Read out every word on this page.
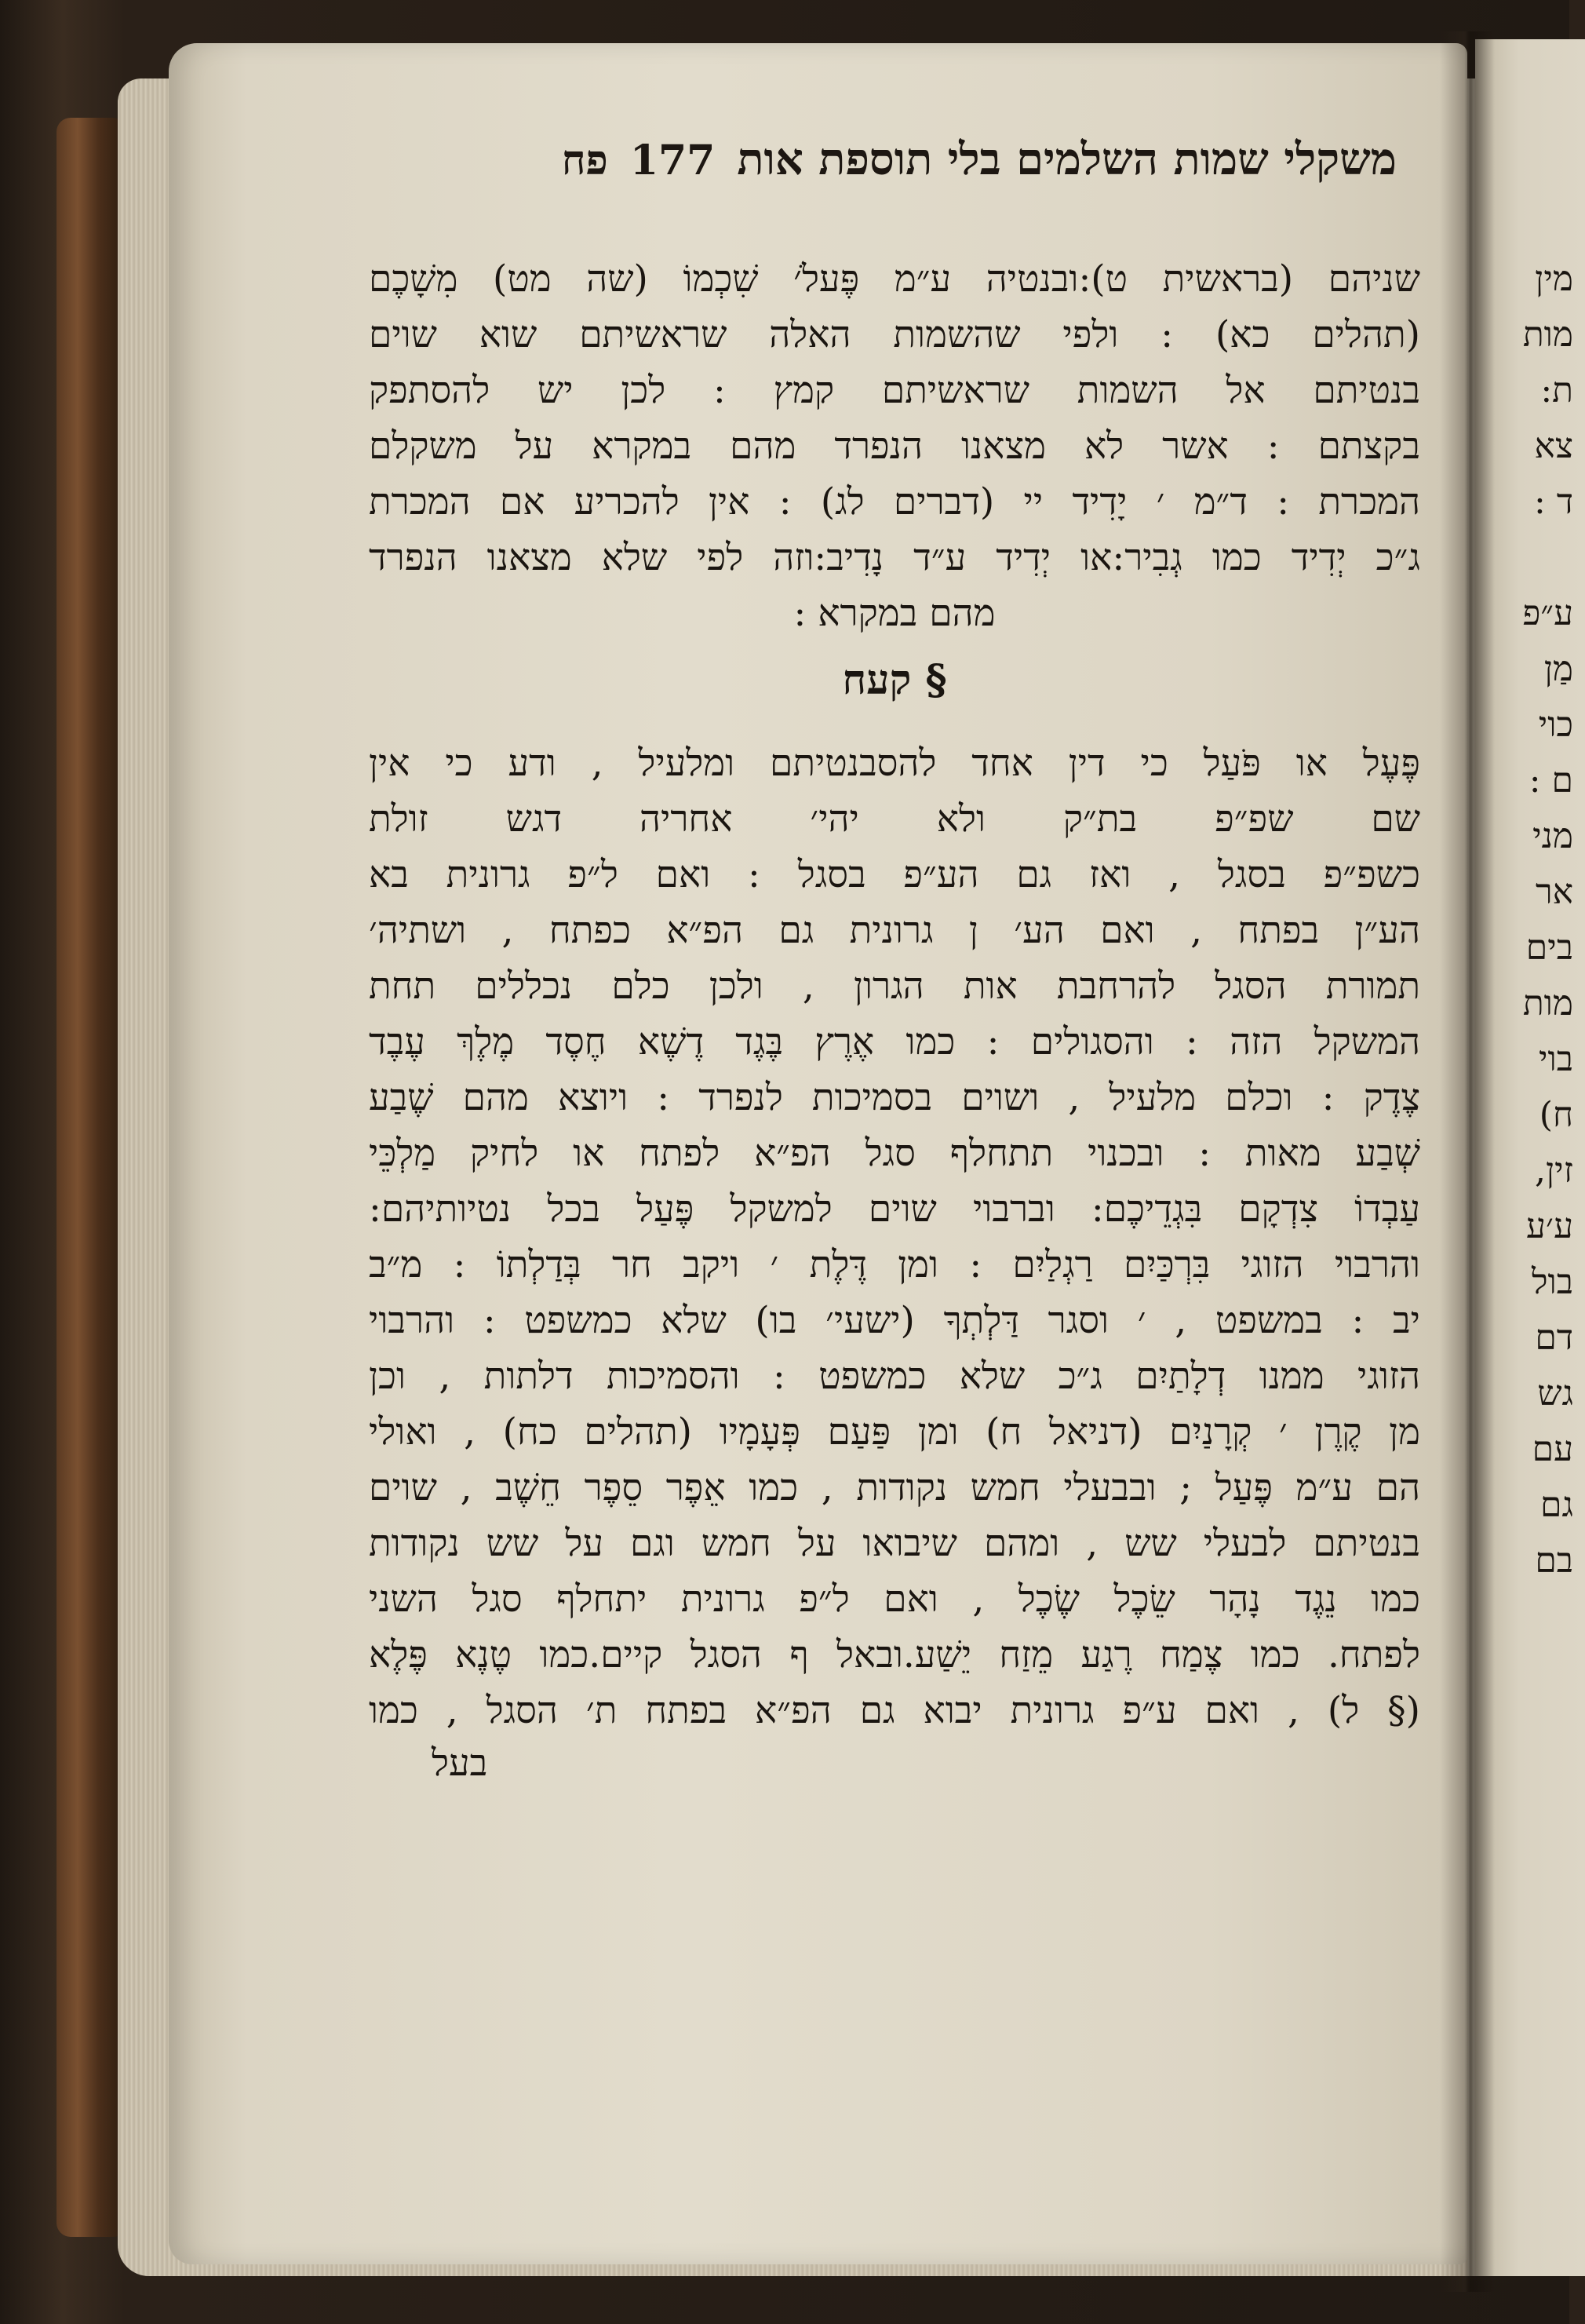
משקלי שמות השלמים בלי תוספת אות
177
פח
שניהם (בראשית ט):ובנטיה ע״מ פֶּעלֹ׳ שִׁכְמוֹ (שה מט) מִשָׁכֶם
(תהלים כא) : ולפי שהשמות האלה שראשיתם שוא שוים
בנטיתם אל השמות שראשיתם קמץ : לכן יש להסתפק
בקצתם : אשר לא מצאנו הנפרד מהם במקרא על משקלם
המכרת : ד״מ ׳ יָדִיד יי (דברים לג) : אין להכריע אם המכרת
ג״כ יְדִיד כמו גְבִיר:או יְדִיד ע״ד נָדִיב:וזה לפי שלא מצאנו הנפרד
מהם במקרא :
§ קעח
פֶּעֶל או פֹּעַל כי דין אחד להסבנטיתם ומלעיל , ודע כי אין
שם שפ״פ בת״ק ולא יהי׳ אחריה דגש זולת
כשפ״פ בסגל , ואז גם הע״פ בסגל : ואם ל״פ גרונית בא
הע״ן בפתח , ואם הע׳ ן גרונית גם הפ״א כפתח , ושתיה׳
תמורת הסגל להרחבת אות הגרון , ולכן כלם נכללים תחת
המשקל הזה : והסגולים : כמו אֶרֶץ בֶּגֶד דֶשֶׁא חֶסֶד מֶלֶךְ עֶבֶד
צֶדֶק : וכלם מלעיל , ושוים בסמיכות לנפרד : ויוצא מהם שֶׁבַע
שְׁבַע מאות : ובכנוי תתחלף סגל הפ״א לפתח או לחיק מַלְכֵּי
עַבְדוֹ צִדְקָם בִּגְדֵיכֶם: וברבוי שוים למשקל פֶּעַל בכל נטיותיהם:
והרבוי הזוגי בִּרְכַּיִם רַגְלַיִם : ומן דֶּלֶת ׳ ויקב חר בְּדַלְתוֹ : מ״ב
יב : במשפט , ׳ וסגר דַּלְתְךָ (ישעי׳ בו) שלא כמשפט : והרבוי
הזוגי ממנו דְלָתַיִם ג״כ שלא כמשפט : והסמיכות דלתות , וכן
מן קֶרֶן ׳ קְרָנַיִם (דניאל ח) ומן פַּעַם פְּעָמָיו (תהלים כח) , ואולי
הם ע״מ פֶּעַל ; ובבעלי חמש נקודות , כמו אֵפֶר סֵפֶר חֵשֶׁב , שוים
בנטיתם לבעלי שש , ומהם שיבואו על חמש וגם על שש נקודות
כמו נֵגֶד נָהָר שֵׂכֶל שֶׂכֶל , ואם ל״פ גרונית יתחלף סגל השני
לפתח. כמו צֶמַח רֶגַע מֵזַח יֵשַׁע.ובאל ף הסגל קיים.כמו טֶנֶא פֶּלֶא
(§ ל) , ואם ע״פ גרונית יבוא גם הפ״א בפתח ת׳ הסגל , כמו
בעל
מין
מות
ת:
צא
ד :
ע״פ
מַן
כוי
ם :
מני
אר
בים
מות
בוי
ח)
זין,
ע׳ע
בול
דם
גש
עם
גם
בם
